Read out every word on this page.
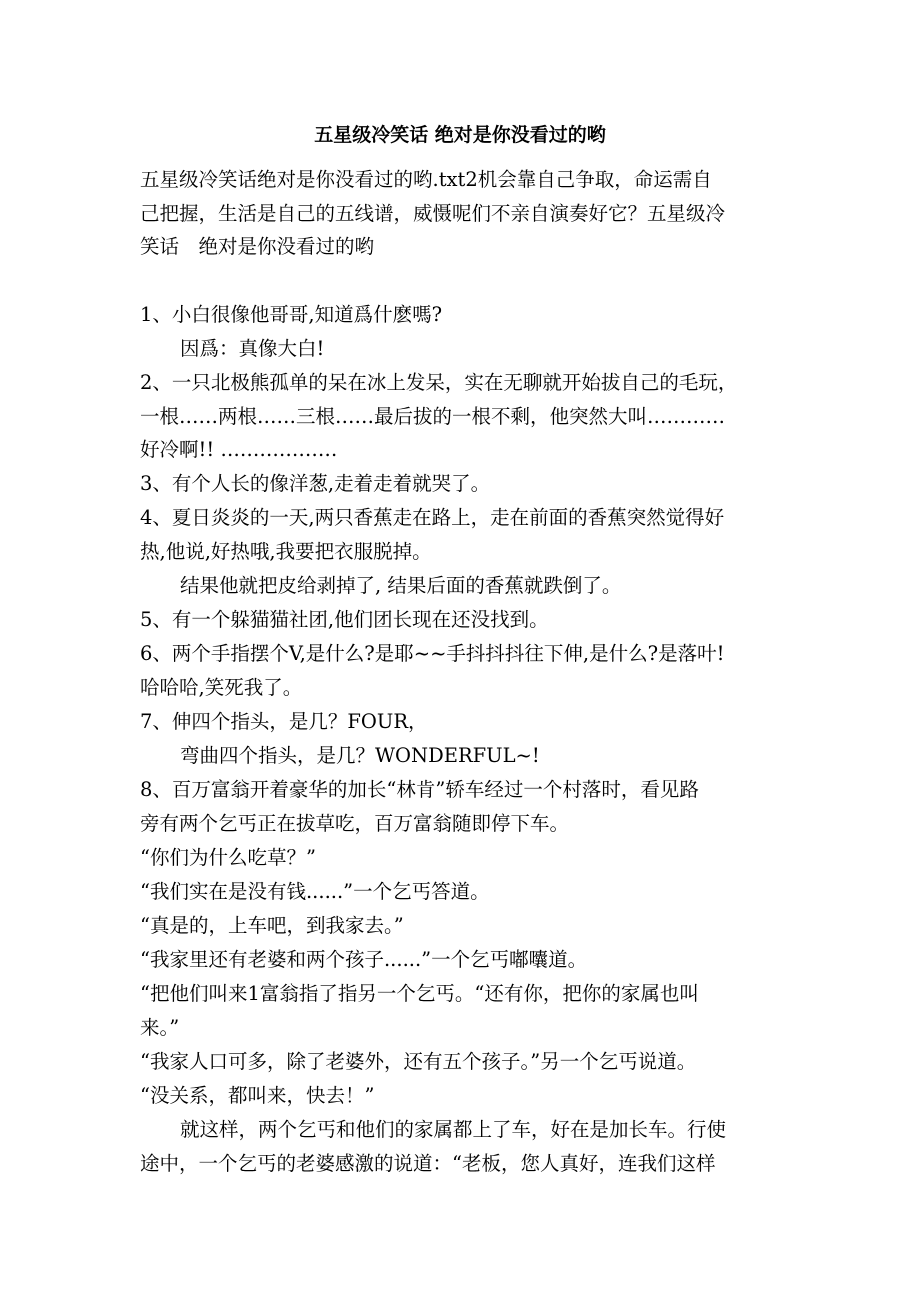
五星级冷笑话 绝对是你没看过的哟
五星级冷笑话绝对是你没看过的哟.txt2机会靠自己争取，命运需自
己把握，生活是自己的五线谱，威慑呢们不亲自演奏好它？五星级冷
笑话　绝对是你没看过的哟
1、小白很像他哥哥,知道爲什麽嗎?
因爲：真像大白!
2、一只北极熊孤单的呆在冰上发呆，实在无聊就开始拔自己的毛玩，
一根……两根……三根……最后拔的一根不剩，他突然大叫…………
好冷啊!! ………………
3、有个人长的像洋葱,走着走着就哭了。
4、夏日炎炎的一天,两只香蕉走在路上，走在前面的香蕉突然觉得好
热,他说,好热哦,我要把衣服脱掉。
结果他就把皮给剥掉了, 结果后面的香蕉就跌倒了。
5、有一个躲猫猫社团,他们团长现在还没找到。
6、两个手指摆个V,是什么?是耶~~手抖抖抖往下伸,是什么?是落叶!
哈哈哈,笑死我了。
7、伸四个指头，是几？FOUR，
弯曲四个指头，是几？WONDERFUL~!
8、百万富翁开着豪华的加长“林肯”轿车经过一个村落时，看见路
旁有两个乞丐正在拔草吃，百万富翁随即停下车。
“你们为什么吃草？”
“我们实在是没有钱......”一个乞丐答道。
“真是的，上车吧，到我家去。”
“我家里还有老婆和两个孩子......”一个乞丐嘟囔道。
“把他们叫来1富翁指了指另一个乞丐。“还有你，把你的家属也叫
来。”
“我家人口可多，除了老婆外，还有五个孩子。”另一个乞丐说道。
“没关系，都叫来，快去！”
就这样，两个乞丐和他们的家属都上了车，好在是加长车。行使
途中，一个乞丐的老婆感激的说道：“老板，您人真好，连我们这样
